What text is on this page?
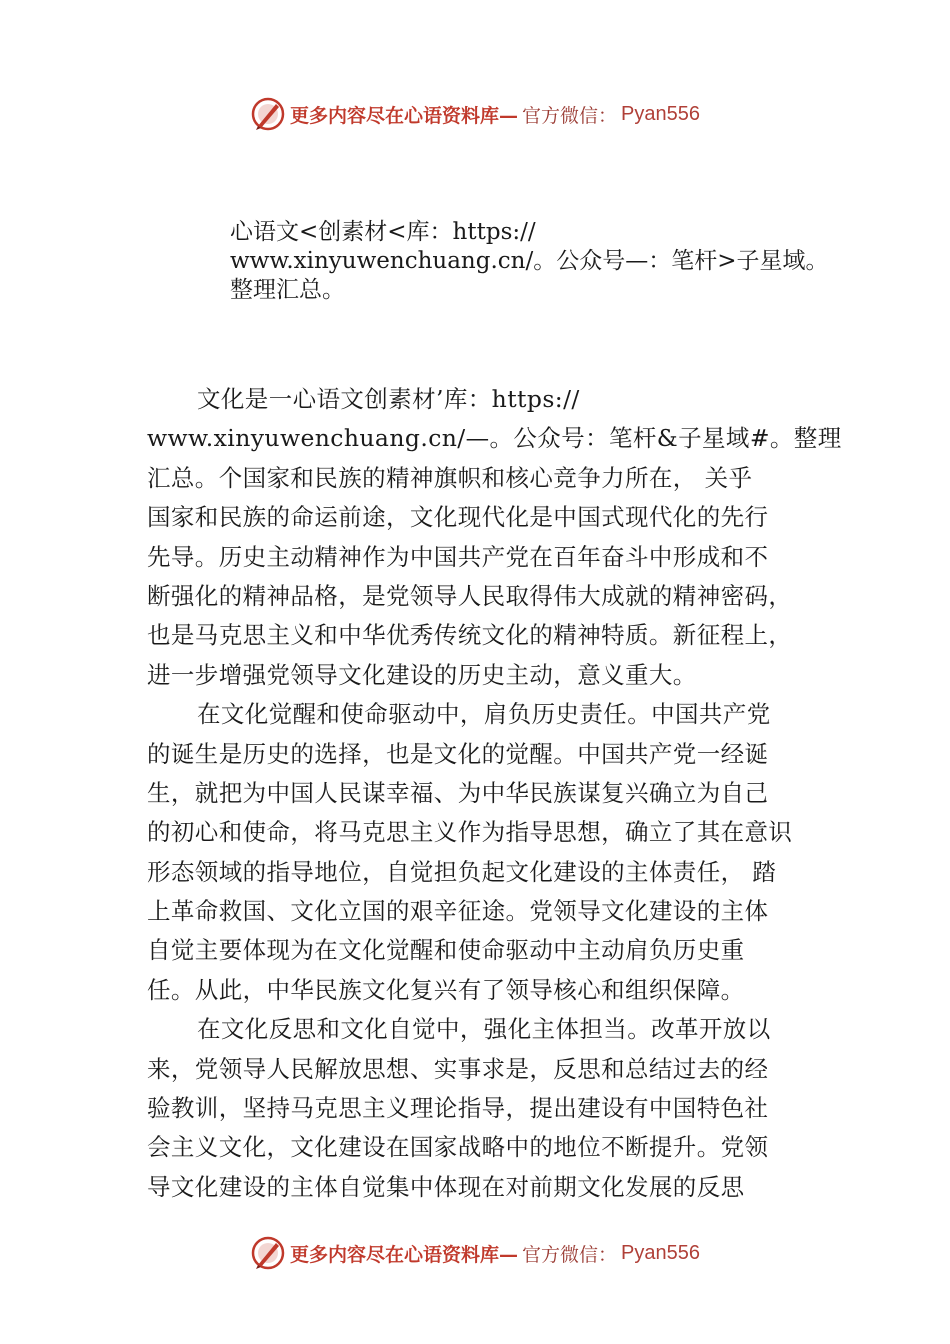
更多内容尽在心语资料库— 官方微信： Pyan556

心语文<创素材<库：https://

www.xinyuwenchuang.cn/。公众号—：笔杆>子星域。

整理汇总。

文化是一心语文创素材’库：https://
www.xinyuwenchuang.cn/—。公众号：笔杆&子星域#。整理
汇总。个国家和民族的精神旗帜和核心竞争力所在， 关乎
国家和民族的命运前途，文化现代化是中国式现代化的先行
先导。历史主动精神作为中国共产党在百年奋斗中形成和不
断强化的精神品格，是党领导人民取得伟大成就的精神密码，
也是马克思主义和中华优秀传统文化的精神特质。新征程上，
进一步增强党领导文化建设的历史主动，意义重大。
在文化觉醒和使命驱动中，肩负历史责任。中国共产党
的诞生是历史的选择，也是文化的觉醒。中国共产党一经诞
生，就把为中国人民谋幸福、为中华民族谋复兴确立为自己
的初心和使命，将马克思主义作为指导思想，确立了其在意识
形态领域的指导地位，自觉担负起文化建设的主体责任， 踏
上革命救国、文化立国的艰辛征途。党领导文化建设的主体
自觉主要体现为在文化觉醒和使命驱动中主动肩负历史重
任。从此，中华民族文化复兴有了领导核心和组织保障。
在文化反思和文化自觉中，强化主体担当。改革开放以
来，党领导人民解放思想、实事求是，反思和总结过去的经
验教训，坚持马克思主义理论指导，提出建设有中国特色社
会主义文化，文化建设在国家战略中的地位不断提升。党领
导文化建设的主体自觉集中体现在对前期文化发展的反思
更多内容尽在心语资料库— 官方微信： Pyan556
